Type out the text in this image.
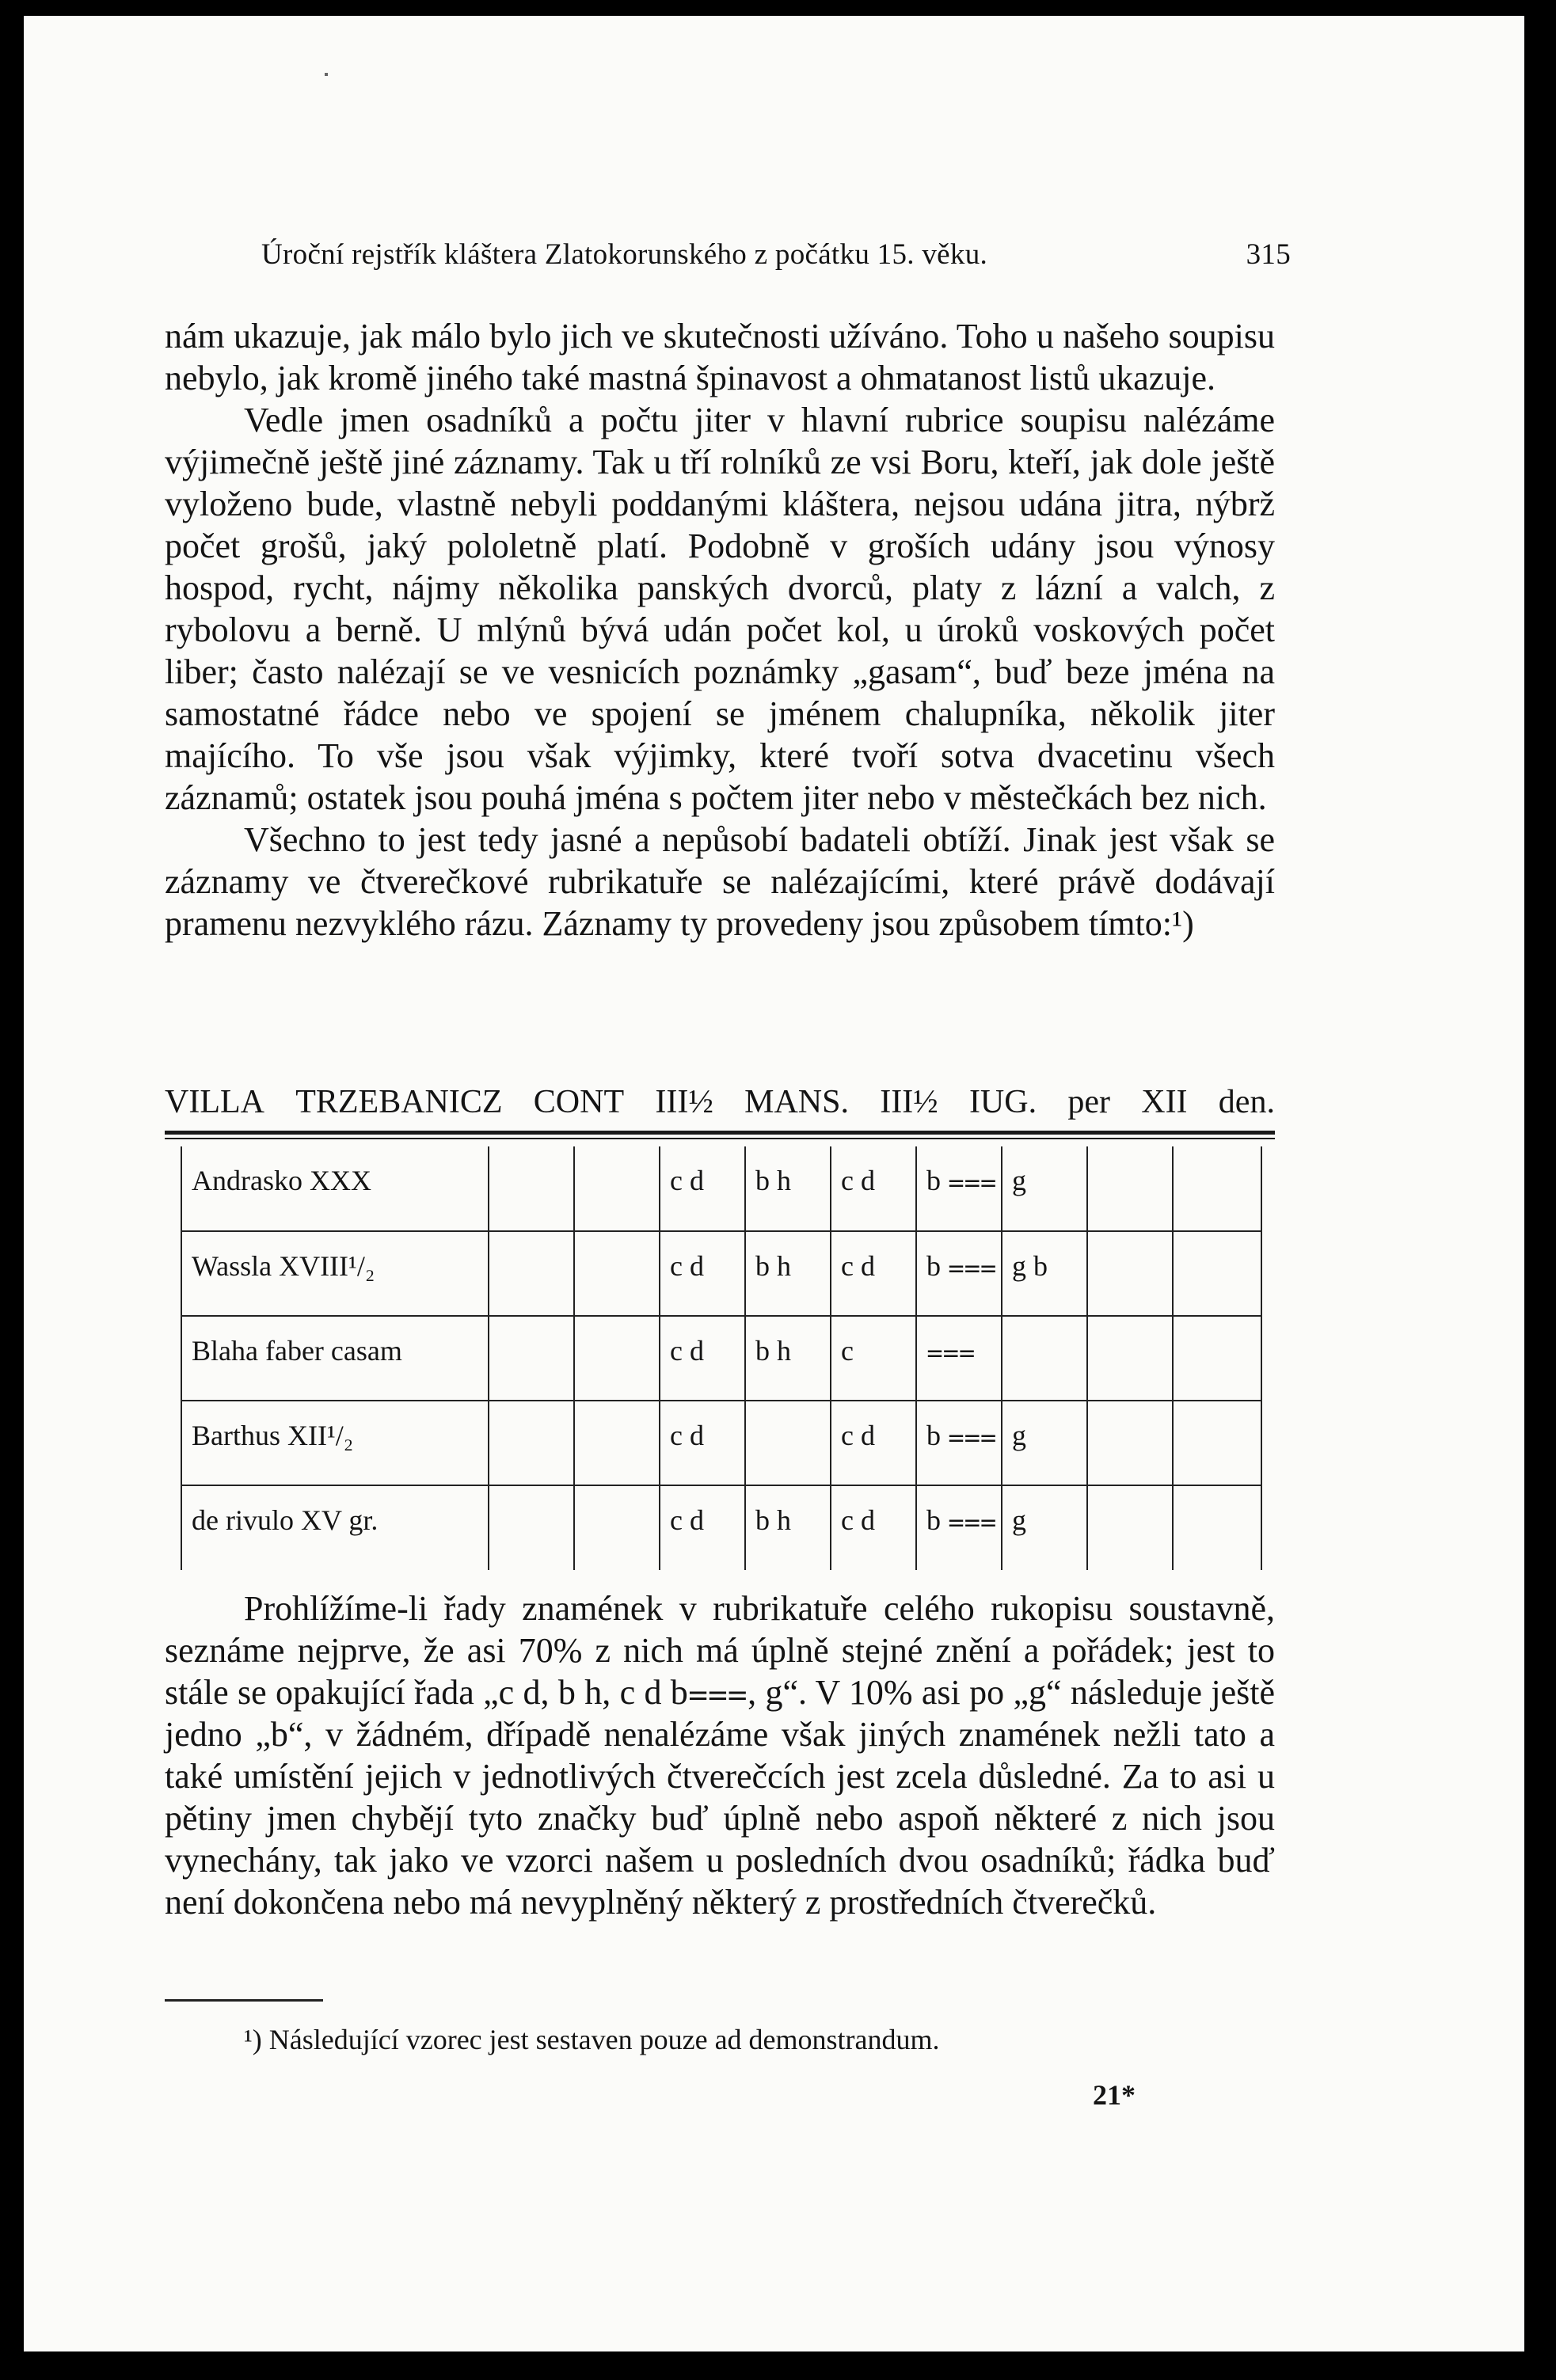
Úroční rejstřík kláštera Zlatokorunského z počátku 15. věku.	315

nám ukazuje, jak málo bylo jich ve skutečnosti užíváno. Toho u našeho soupisu nebylo, jak kromě jiného také mastná špinavost a ohmatanost listů ukazuje.

Vedle jmen osadníků a počtu jiter v hlavní rubrice soupisu nalézáme výjimečně ještě jiné záznamy. Tak u tří rolníků ze vsi Boru, kteří, jak dole ještě vyloženo bude, vlastně nebyli poddanými kláštera, nejsou udána jitra, nýbrž počet grošů, jaký pololetně platí. Podobně v groších udány jsou výnosy hospod, rycht, nájmy několika panských dvorců, platy z lázní a valch, z rybolovu a berně. U mlýnů bývá udán počet kol, u úroků voskových počet liber; často nalézají se ve vesnicích poznámky „gasam“, buď beze jména na samostatné řádce nebo ve spojení se jménem chalupníka, několik jiter majícího. To vše jsou však výjimky, které tvoří sotva dvacetinu všech záznamů; ostatek jsou pouhá jména s počtem jiter nebo v městečkách bez nich.

Všechno to jest tedy jasné a nepůsobí badateli obtíží. Jinak jest však se záznamy ve čtverečkové rubrikatuře se nalézajícími, které právě dodávají pramenu nezvyklého rázu. Záznamy ty provedeny jsou způsobem tímto:¹)

VILLA TRZEBANICZ CONT III½ MANS. III½ IUG. per XII den.
Andrasko XXX			c d	b h	c d	b ⩶	g		
Wassla XVIII¹/₂			c d	b h	c d	b ⩶	g b		
Blaha faber casam			c d	b h	c	⩶			
Barthus XII¹/₂			c d		c d	b ⩶	g		
de rivulo XV gr.			c d	b h	c d	b ⩶	g		

Prohlížíme-li řady znamének v rubrikatuře celého rukopisu soustavně, seznáme nejprve, že asi 70% z nich má úplně stejné znění a pořádek; jest to stále se opakující řada „c d, b h, c d b⩶, g“. V 10% asi po „g“ následuje ještě jedno „b“, v žádném, dřípadě nenalézáme však jiných znamének nežli tato a také umístění jejich v jednotlivých čtverečcích jest zcela důsledné. Za to asi u pětiny jmen chybějí tyto značky buď úplně nebo aspoň některé z nich jsou vynechány, tak jako ve vzorci našem u posledních dvou osadníků; řádka buď není dokončena nebo má nevyplněný některý z prostředních čtverečků.

¹) Následující vzorec jest sestaven pouze ad demonstrandum.
21*
